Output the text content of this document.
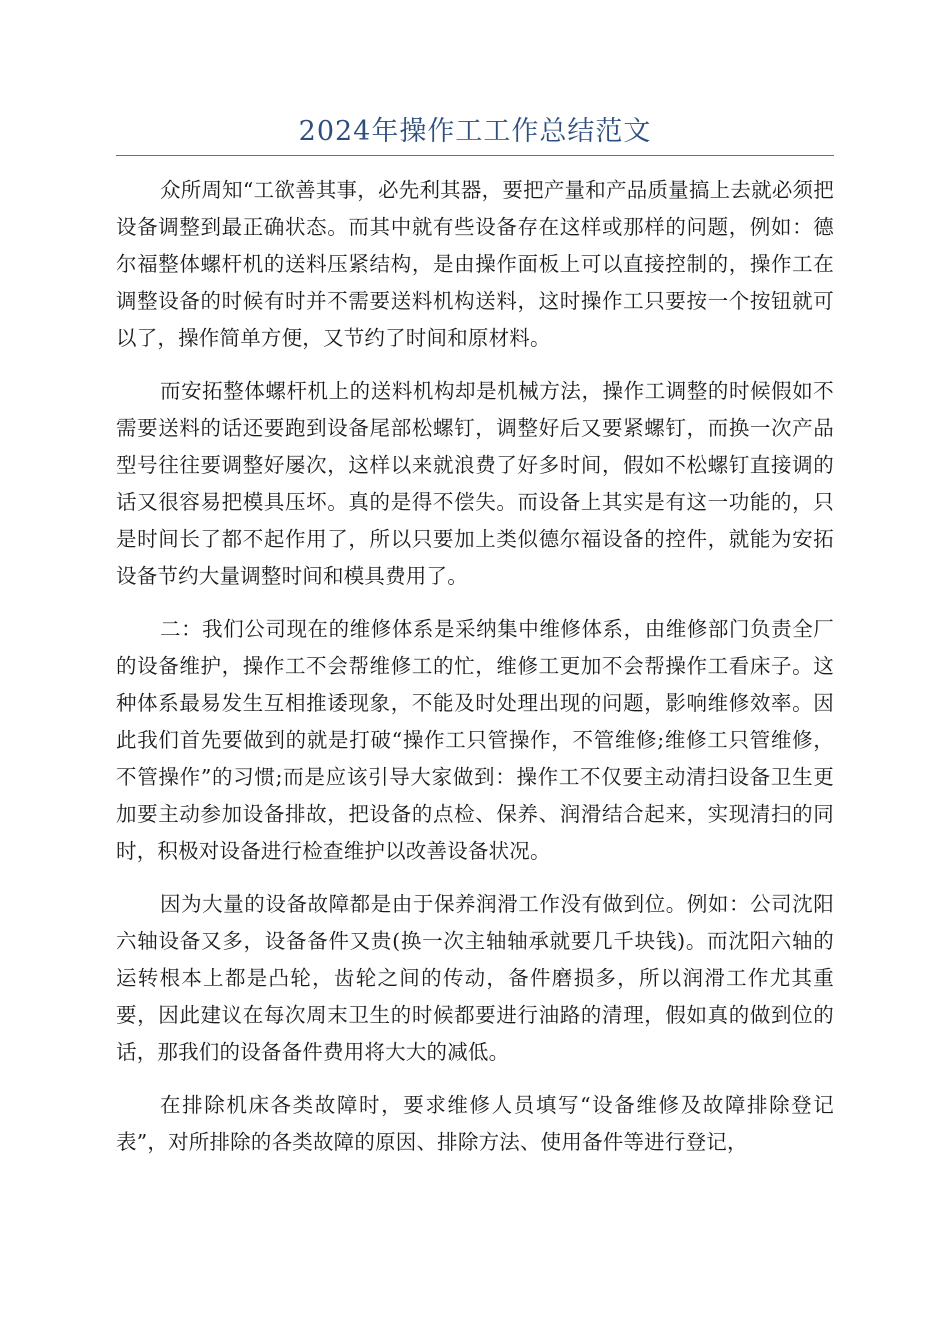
2024年操作工工作总结范文

众所周知“工欲善其事，必先利其器，要把产量和产品质量搞上去就必须把设备调整到最正确状态。而其中就有些设备存在这样或那样的问题，例如：德尔福整体螺杆机的送料压紧结构，是由操作面板上可以直接控制的，操作工在调整设备的时候有时并不需要送料机构送料，这时操作工只要按一个按钮就可以了，操作简单方便，又节约了时间和原材料。

而安拓整体螺杆机上的送料机构却是机械方法，操作工调整的时候假如不需要送料的话还要跑到设备尾部松螺钉，调整好后又要紧螺钉，而换一次产品型号往往要调整好屡次，这样以来就浪费了好多时间，假如不松螺钉直接调的话又很容易把模具压坏。真的是得不偿失。而设备上其实是有这一功能的，只是时间长了都不起作用了，所以只要加上类似德尔福设备的控件，就能为安拓设备节约大量调整时间和模具费用了。

二：我们公司现在的维修体系是采纳集中维修体系，由维修部门负责全厂的设备维护，操作工不会帮维修工的忙，维修工更加不会帮操作工看床子。这种体系最易发生互相推诿现象，不能及时处理出现的问题，影响维修效率。因此我们首先要做到的就是打破“操作工只管操作，不管维修;维修工只管维修，不管操作”的习惯;而是应该引导大家做到：操作工不仅要主动清扫设备卫生更加要主动参加设备排故，把设备的点检、保养、润滑结合起来，实现清扫的同时，积极对设备进行检查维护以改善设备状况。

因为大量的设备故障都是由于保养润滑工作没有做到位。例如：公司沈阳六轴设备又多，设备备件又贵(换一次主轴轴承就要几千块钱)。而沈阳六轴的运转根本上都是凸轮，齿轮之间的传动，备件磨损多，所以润滑工作尤其重要，因此建议在每次周末卫生的时候都要进行油路的清理，假如真的做到位的话，那我们的设备备件费用将大大的减低。

在排除机床各类故障时，要求维修人员填写“设备维修及故障排除登记表”，对所排除的各类故障的原因、排除方法、使用备件等进行登记，
